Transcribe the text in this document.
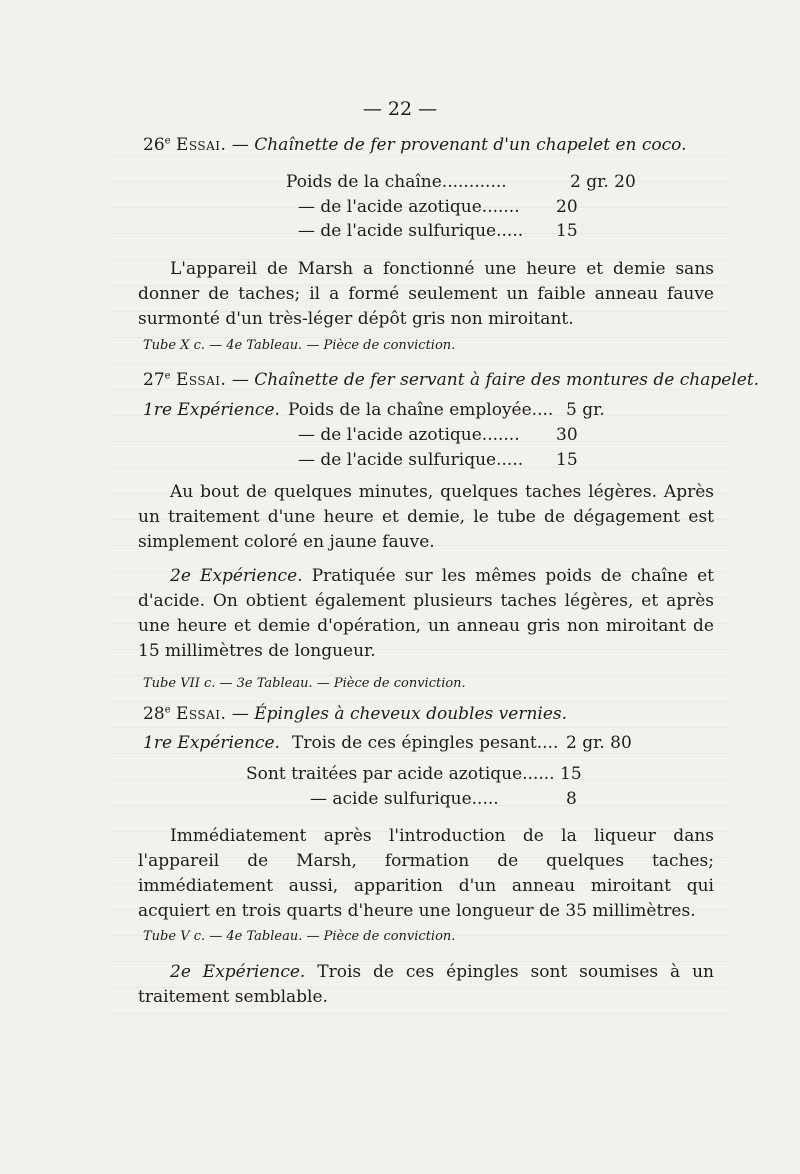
— 22 —
26e Essai. — Chaînette de fer provenant d'un chapelet en coco.
Poids de la chaîne............	2 gr. 20
— de l'acide azotique....... 20
— de l'acide sulfurique..... 15
L'appareil de Marsh a fonctionné une heure et demie sans donner de taches; il a formé seulement un faible anneau fauve surmonté d'un très-léger dépôt gris non miroitant.
Tube X c. — 4e Tableau. — Pièce de conviction.
27e Essai. — Chaînette de fer servant à faire des montures de chapelet.
1re Expérience. Poids de la chaîne employée.... 5 gr.
— de l'acide azotique....... 30
— de l'acide sulfurique..... 15
Au bout de quelques minutes, quelques taches légères. Après un traitement d'une heure et demie, le tube de dégagement est simplement coloré en jaune fauve.
2e Expérience. Pratiquée sur les mêmes poids de chaîne et d'acide. On obtient également plusieurs taches légères, et après une heure et demie d'opération, un anneau gris non miroitant de 15 millimètres de longueur.
Tube VII c. — 3e Tableau. — Pièce de conviction.
28e Essai. — Épingles à cheveux doubles vernies.
1re Expérience. Trois de ces épingles pesant.... 2 gr. 80
Sont traitées par acide azotique...... 15
— acide sulfurique.....	8
Immédiatement après l'introduction de la liqueur dans l'appareil de Marsh, formation de quelques taches; immédiatement aussi, apparition d'un anneau miroitant qui acquiert en trois quarts d'heure une longueur de 35 millimètres.
Tube V c. — 4e Tableau. — Pièce de conviction.
2e Expérience. Trois de ces épingles sont soumises à un traitement semblable.
